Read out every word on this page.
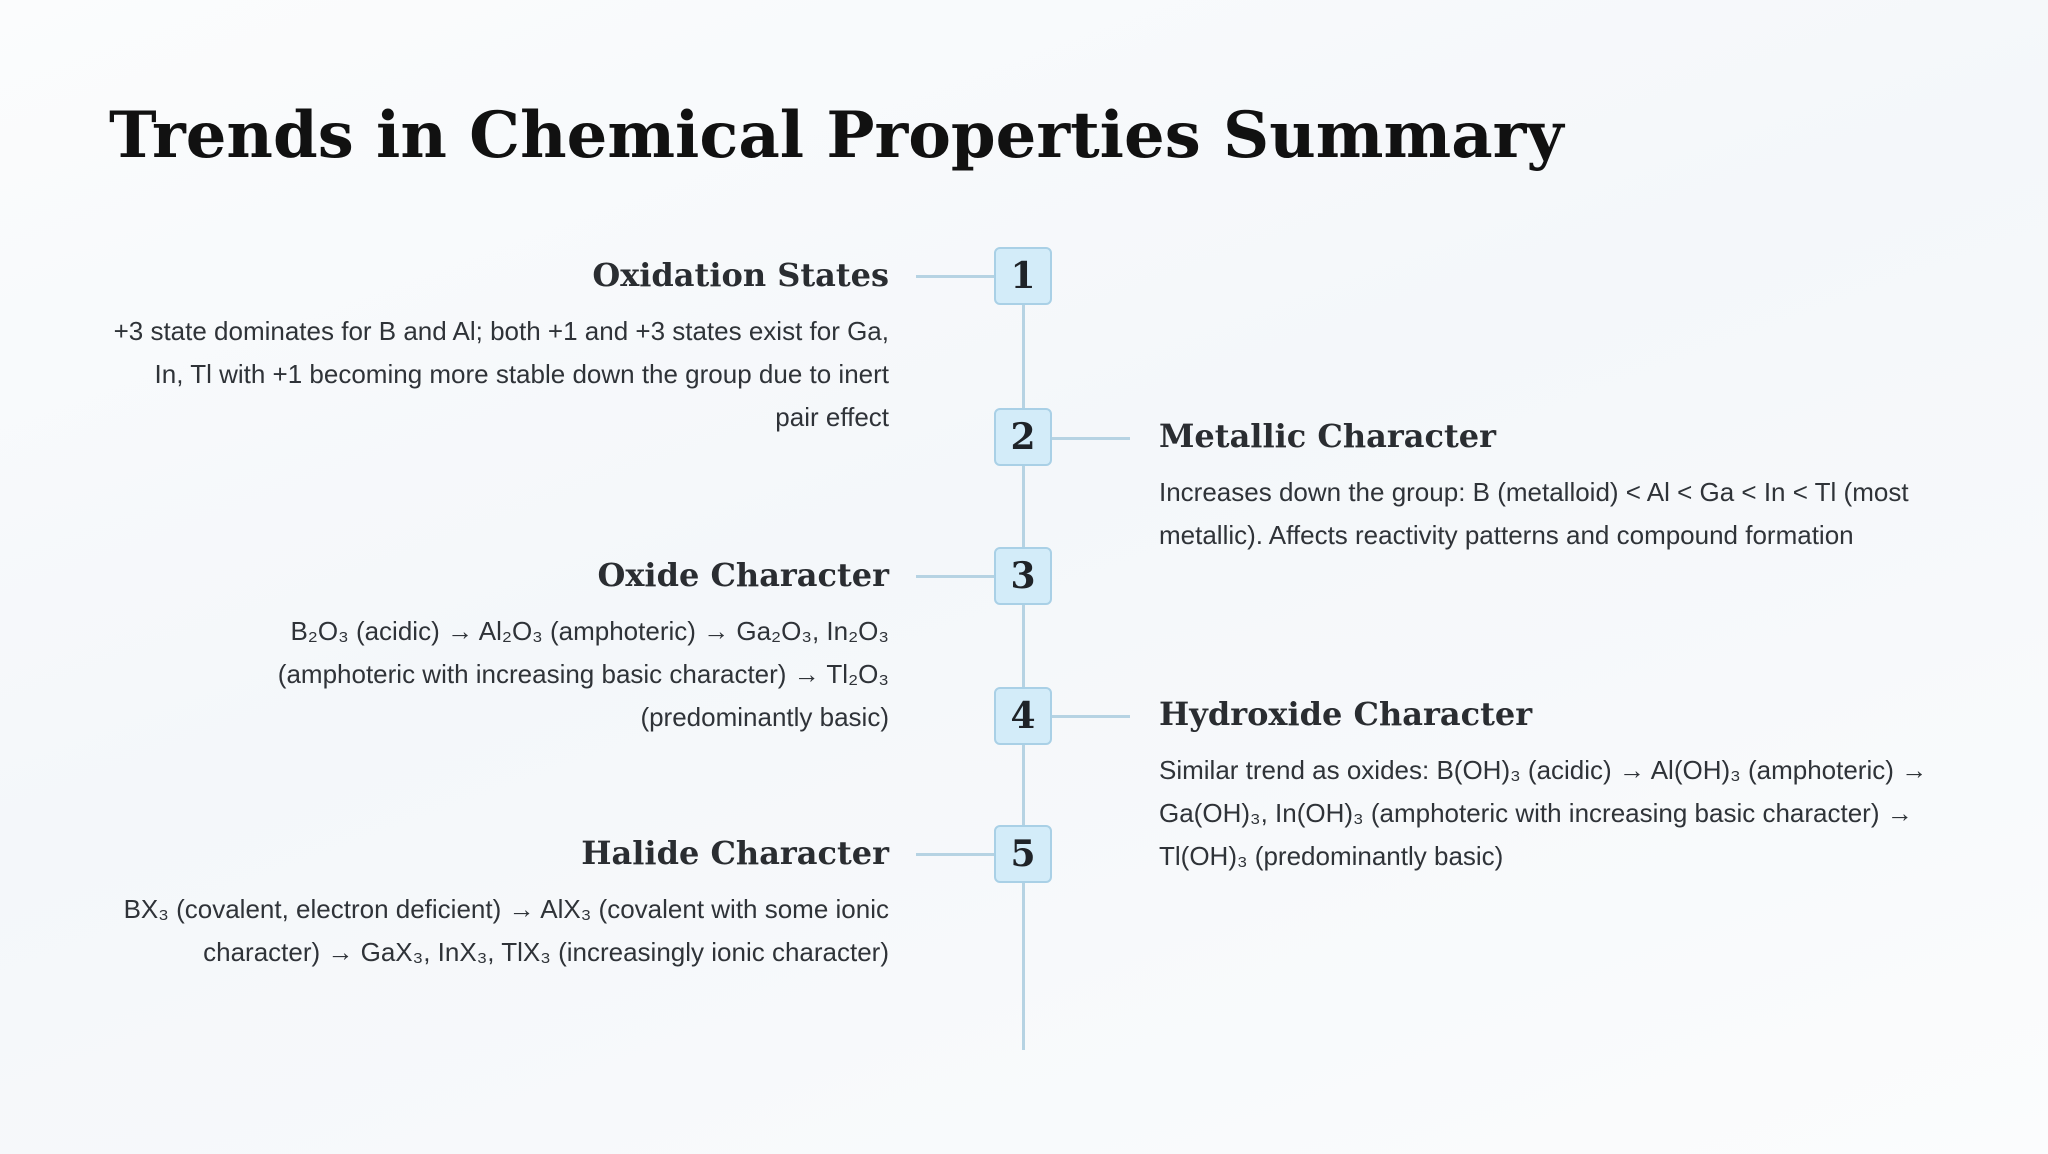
Trends in Chemical Properties Summary
1
Oxidation States

+3 state dominates for B and Al; both +1 and +3 states exist for Ga, In, Tl with +1 becoming more stable down the group due to inert pair effect	2	Metallic Character

Increases down the group: B (metalloid) < Al < Ga < In < Tl (most metallic). Affects reactivity patterns and compound formation

3
Oxide Character

B₂O₃ (acidic) → Al₂O₃ (amphoteric) → Ga₂O₃, In₂O₃ (amphoteric with increasing basic character) → Tl₂O₃ (predominantly basic)	4	Hydroxide Character

Similar trend as oxides: B(OH)₃ (acidic) → Al(OH)₃ (amphoteric) → Ga(OH)₃, In(OH)₃ (amphoteric with increasing basic character) → Tl(OH)₃ (predominantly basic)

5
Halide Character

BX₃ (covalent, electron deficient) → AlX₃ (covalent with some ionic character) → GaX₃, InX₃, TlX₃ (increasingly ionic character)
